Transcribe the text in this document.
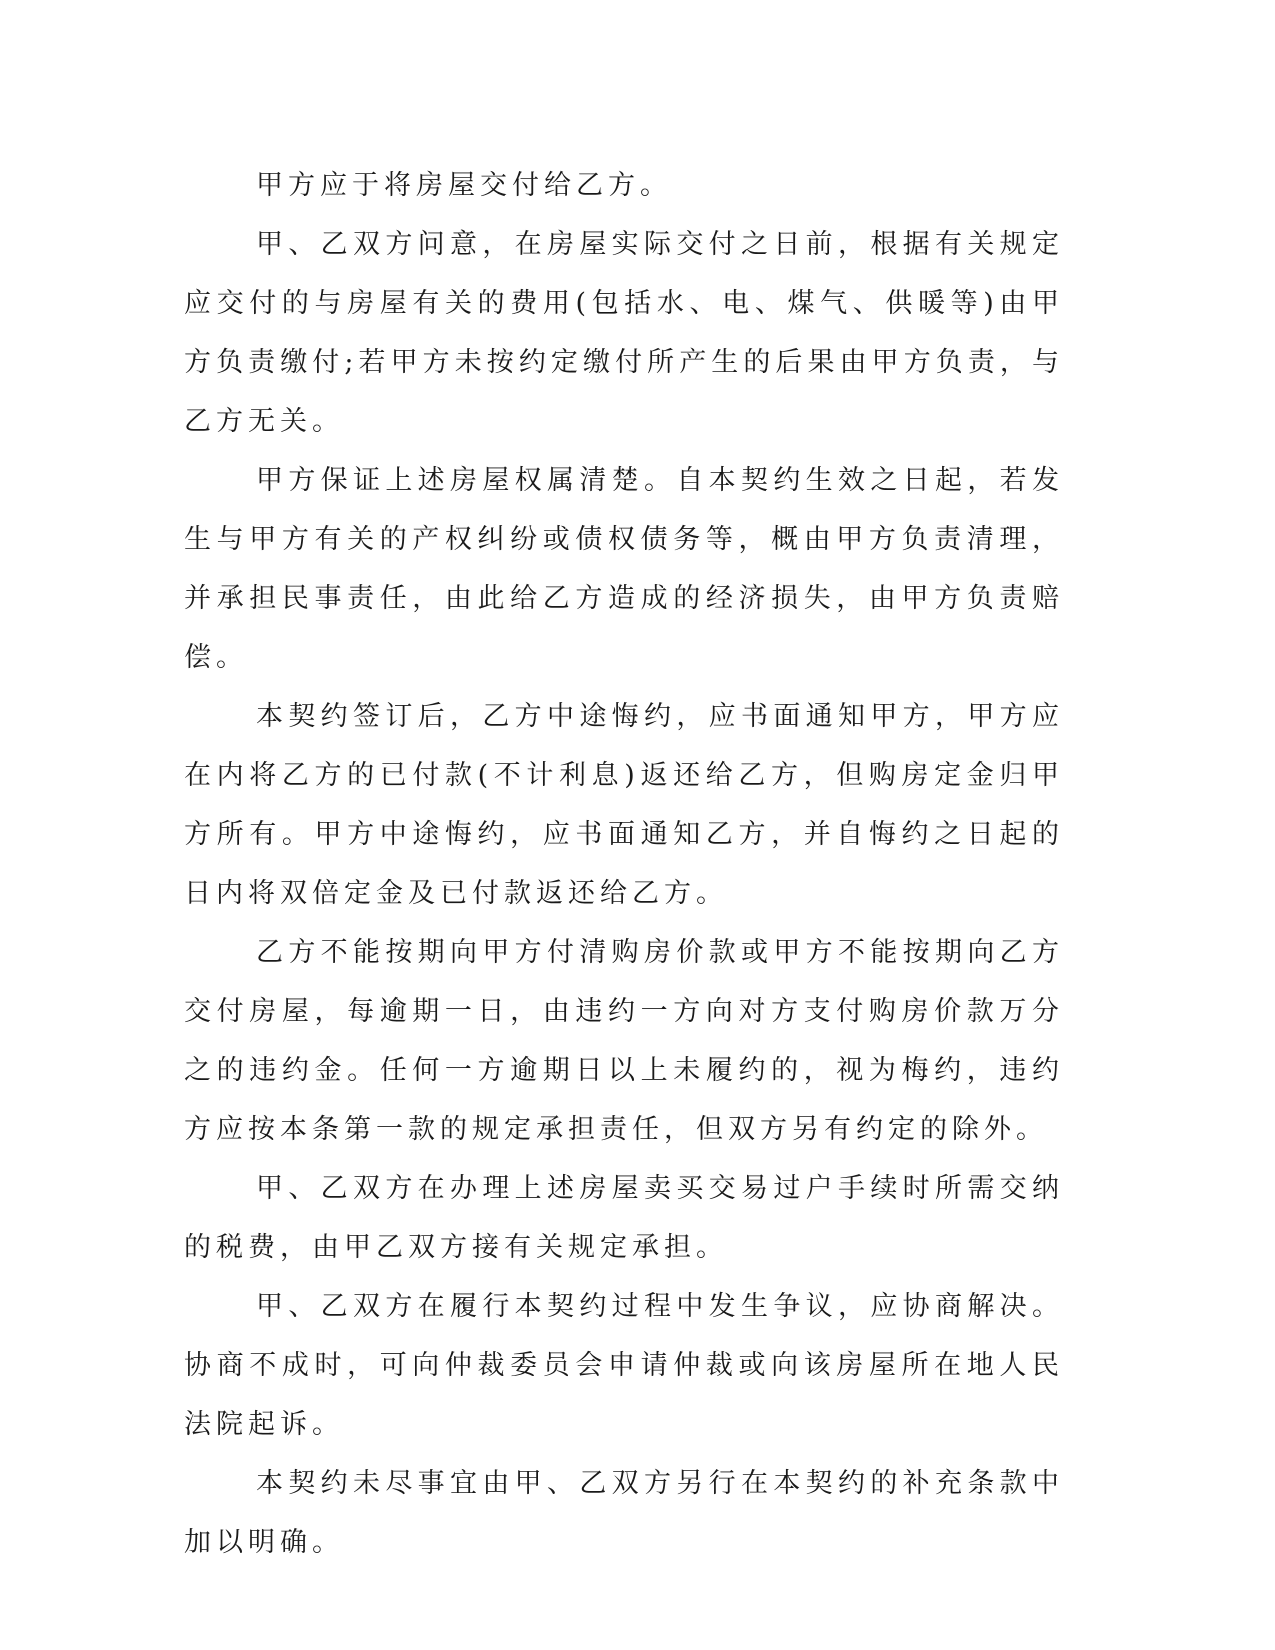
甲方应于将房屋交付给乙方。

甲、乙双方问意，在房屋实际交付之日前，根据有关规定应交付的与房屋有关的费用(包括水、电、煤气、供暖等)由甲方负责缴付;若甲方未按约定缴付所产生的后果由甲方负责，与乙方无关。

甲方保证上述房屋权属清楚。自本契约生效之日起，若发生与甲方有关的产权纠纷或债权债务等，概由甲方负责清理，并承担民事责任，由此给乙方造成的经济损失，由甲方负责赔偿。

本契约签订后，乙方中途悔约，应书面通知甲方，甲方应在内将乙方的已付款(不计利息)返还给乙方，但购房定金归甲方所有。甲方中途悔约，应书面通知乙方，并自悔约之日起的日内将双倍定金及已付款返还给乙方。

乙方不能按期向甲方付清购房价款或甲方不能按期向乙方交付房屋，每逾期一日，由违约一方向对方支付购房价款万分之的违约金。任何一方逾期日以上未履约的，视为梅约，违约方应按本条第一款的规定承担责任，但双方另有约定的除外。

甲、乙双方在办理上述房屋卖买交易过户手续时所需交纳的税费，由甲乙双方接有关规定承担。

甲、乙双方在履行本契约过程中发生争议，应协商解决。协商不成时，可向仲裁委员会申请仲裁或向该房屋所在地人民法院起诉。

本契约未尽事宜由甲、乙双方另行在本契约的补充条款中加以明确。
